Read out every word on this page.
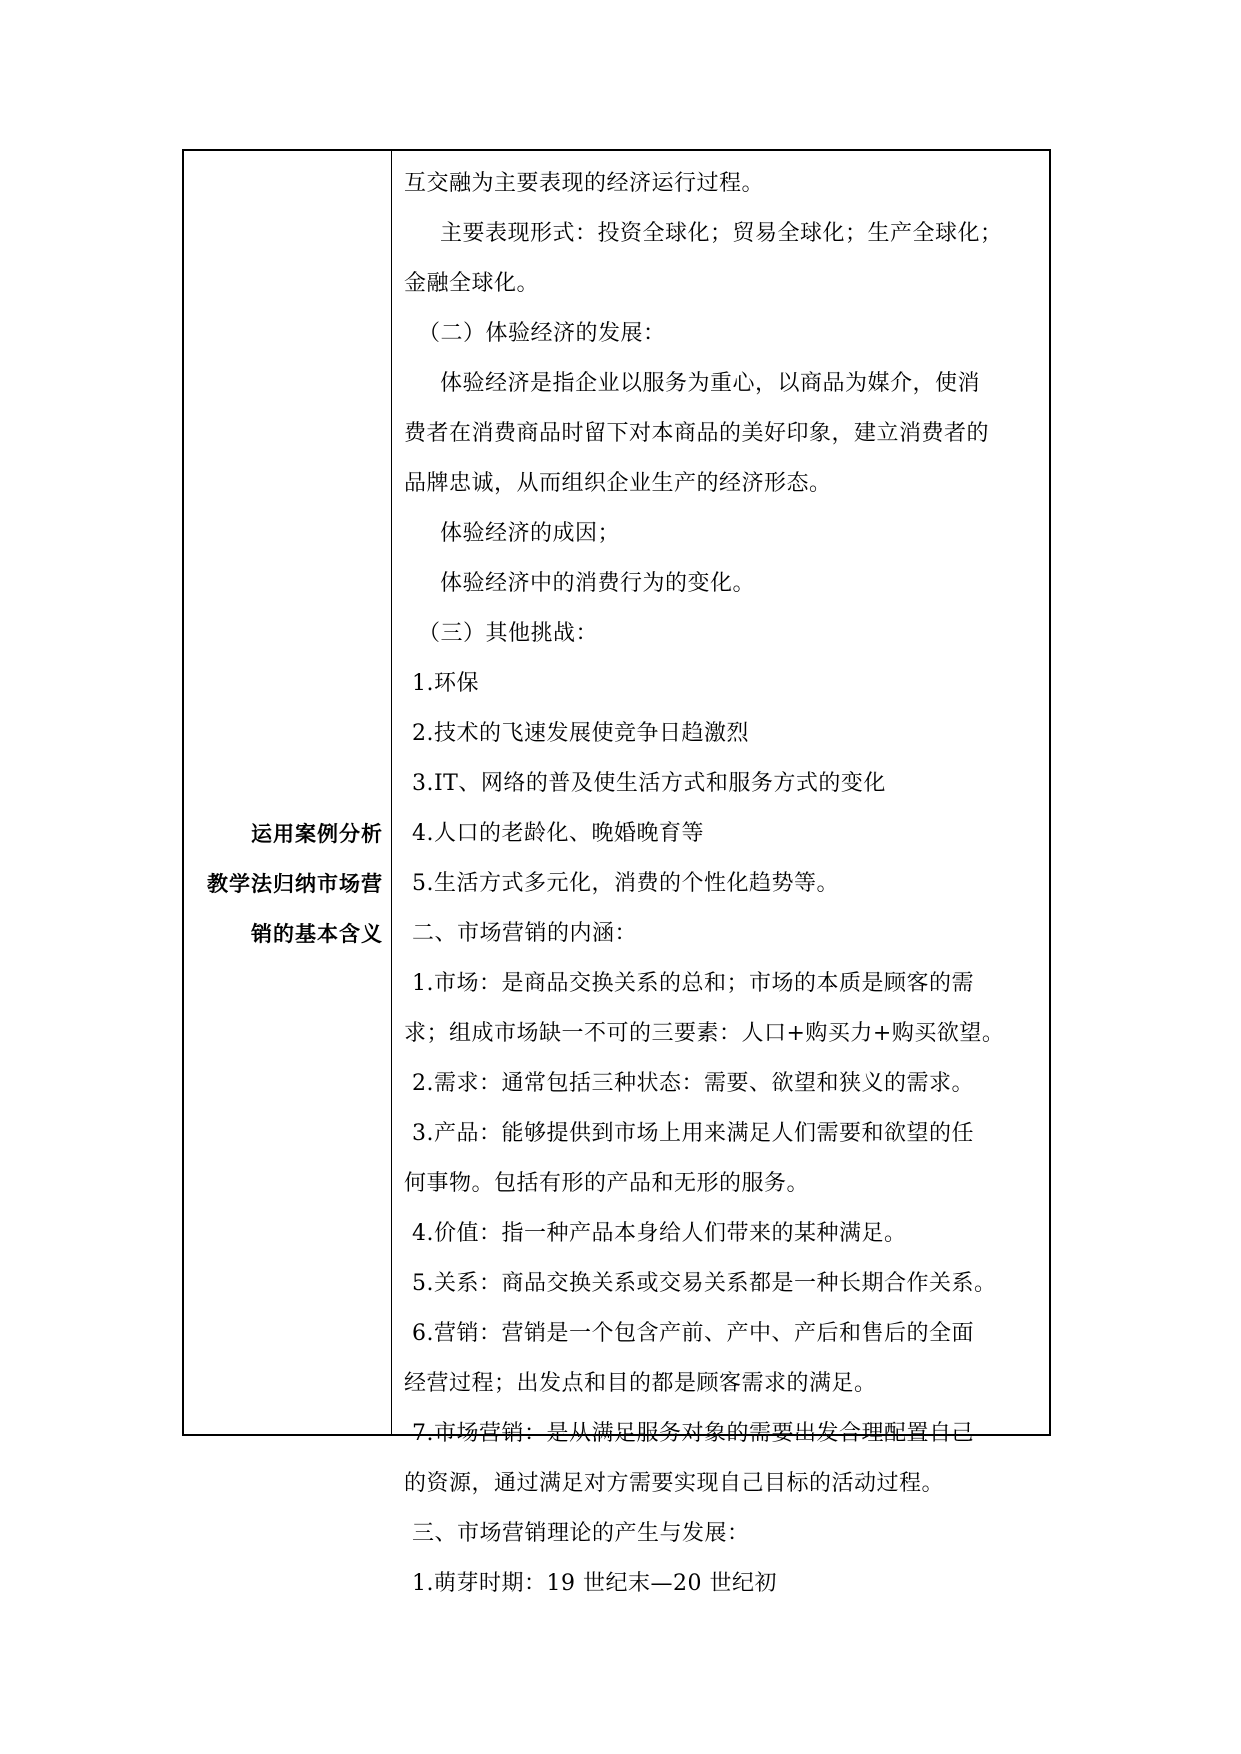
运用案例分析
教学法归纳市场营
销的基本含义
互交融为主要表现的经济运行过程。
主要表现形式：投资全球化；贸易全球化；生产全球化；
金融全球化。
（二）体验经济的发展：
体验经济是指企业以服务为重心，以商品为媒介，使消
费者在消费商品时留下对本商品的美好印象，建立消费者的
品牌忠诚，从而组织企业生产的经济形态。
体验经济的成因；
体验经济中的消费行为的变化。
（三）其他挑战：
1.环保
2.技术的飞速发展使竞争日趋激烈
3.IT、网络的普及使生活方式和服务方式的变化
4.人口的老龄化、晚婚晚育等
5.生活方式多元化，消费的个性化趋势等。
二、市场营销的内涵：
1.市场：是商品交换关系的总和；市场的本质是顾客的需
求；组成市场缺一不可的三要素：人口+购买力+购买欲望。
2.需求：通常包括三种状态：需要、欲望和狭义的需求。
3.产品：能够提供到市场上用来满足人们需要和欲望的任
何事物。包括有形的产品和无形的服务。
4.价值：指一种产品本身给人们带来的某种满足。
5.关系：商品交换关系或交易关系都是一种长期合作关系。
6.营销：营销是一个包含产前、产中、产后和售后的全面
经营过程；出发点和目的都是顾客需求的满足。
7.市场营销：是从满足服务对象的需要出发合理配置自己
的资源，通过满足对方需要实现自己目标的活动过程。
三、市场营销理论的产生与发展：
1.萌芽时期：19 世纪末—20 世纪初
